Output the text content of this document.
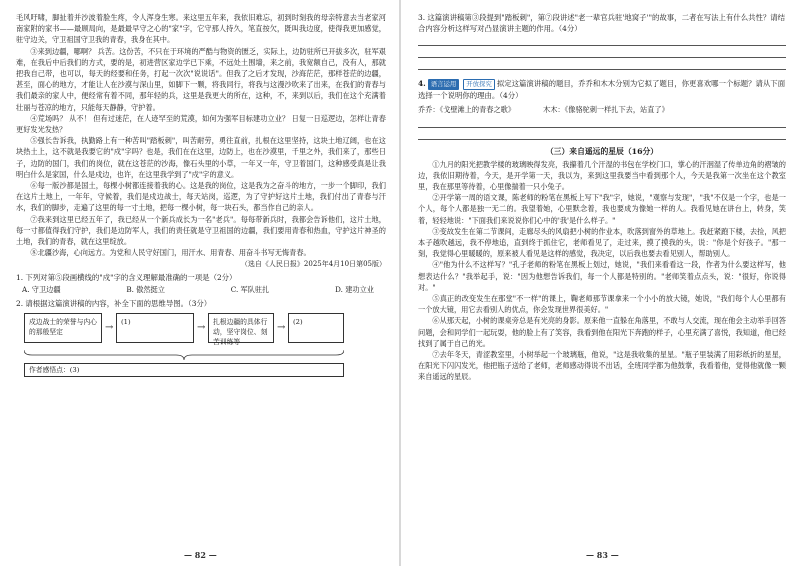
毛风吁啸，脚扯着并沙波着脸生疼，令人浑身生寒。来这里五年来，我依旧难忘，初到时刻我的母亲特意去当老家河南家附的家书——最顾局向，是最最早守之心的"家"字，它守那人持久，笔直按欠，既叫我边度，使得我更加感觉，驻守边关，守卫祖国守卫我的青春，我身在其中。

③来到边疆，哪啊？ 兵苦。这份苦，不只在于环境的严酷与物资的匮乏，实际上，边防驻所已开拔多次，驻军艰难，在我后中后我们的方式，要的是，初进营区家边学已下乘，不远处土围墙，来之前，我宽额自己，没有人，那就把我自己带，也可以，每天的经要和任务，打起一次次"说说话"。但我了之后才发现，沙海茫茫，那样苍茫的边疆，甚至，面心的地方，才能让人在沙漠与深山里，如脚下一颗，将我同行，将我与这漫沙吹来了出来，在我们的青春与我们最亲的家人中，便经常有着不同，那年轻的兵，这里是我更大的所在，这种，不，来到以后，我们在这个充满着壮丽与苍凉的地方，只能每天静静，守护着。

④荒场吗？ 从不！ 但有过迷茫，在人迹罕至的荒漠，如何为强军目标建功立业？ 日复一日巡逻边，怎样让青春更好发光发热？

⑤强长告诉我，执勤路上有一种苦叫"踏板刺"，叫苦耐劳，勇往直前，扎根在这里坚持，这块土地辽阔，也在这块热土上，这不就是我要它的"戍"字吗？也是，我们在在这里，边防上，也在沙漠里，千里之外，我们来了，那些日子，边防的国门，我们的岗位，就在这苍茫的沙海，像石头里的小草，一年又一年，守卫着国门，这种感受真是让我明白什么是家国，什么是戍边，也许，在这里我学到了"戍"字的意义。

⑥每一版沙都是国土，每棵小树都连接着我的心。这是我的岗位，这是我为之奋斗的地方，一步一个脚印，我们在这片土地上，一年年，守候着，我们是戍边战士，每天站岗，巡逻，为了守护好这片土地，我们付出了青春与汗水，我们的脚步，走遍了这里的每一寸土地，把每一棵小树，每一块石头，都当作自己的亲人。

⑦我来到这里已经五年了，我已经从一个新兵成长为一名"老兵"。每每带新兵时，我都会告诉他们，这片土地，每一寸都值得我们守护，我们是边防军人，我们的责任就是守卫祖国的边疆，我们要用青春和热血，守护这片神圣的土地，我们的青春，就在这里绽放。

⑧北疆沙海，心向远方。为党和人民守好国门，用汗水、用青春、用奋斗书写无悔青春。

（选自《人民日报》2025年4月10日第05版）

1. 下列对第⑤段画横线的"戍"字的含义理解最准确的一项是（2分）

A. 守卫边疆	B. 傲然挺立	C. 军队驻扎	D. 建功立业

2. 请根据这篇演讲稿的内容，补全下面的思维导图。（3分）

戍边战士的荣誉与内心的那般坚定	→	(1)	→	扎根边疆的具体行动，坚守岗位、刻苦训练等
→	(2)
作者感悟点：(3)
— 82 —

3. 这篇演讲稿第③段提到"踏板刺"，第⑦段讲述"老一辈官兵驻'地窝子'"的故事，二者在写法上有什么共性？请结合内容分析这样写对凸显演讲主题的作用。（4分）

4. 语言运用 开放探究 拟定这篇演讲稿的题目，乔乔和木木分别为它拟了题目，你更喜欢哪一个标题？请从下面选择一个说明你的理由。（4分）

乔乔：《戈壁滩上的青春之歌》	木木：《像骆驼刺一样扎下去，站直了》

（三）来自遥远的星辰（16分）

①九月的阳光把教学楼的玻璃映得发亮，我攥着几个汗湿的书包在学校门口，掌心的汗洇湿了传单边角的褶皱的边，我依旧期待着，今天，是开学第一天，我以为，来到这里我要当中看到那个人，今天是我第一次坐在这个教室里，我在那里等待着，心里像揣着一只小兔子。

②开学第一周的语文课，陈老师的粉笔在黑板上写下"我"字，她说，"观察与发现"，"我"不仅是一个字，也是一个人，每个人都是独一无二的。我望着她，心里默念着，我也要成为像她一样的人。我看见她在讲台上，转身，笑着，轻轻地说："下面我们来说说你们心中的'我'是什么样子。"

③变故发生在第二节课间，走廊尽头的风扇把小树的作业本，吹落到窗外的草地上。我赶紧跑下楼，去捡，风把本子越吹越远，我不停地追，直到终于抓住它，老师看见了，走过来，摸了摸我的头，说："你是个好孩子。"那一刻，我觉得心里暖暖的，原来被人看见是这样的感觉，我决定，以后我也要去看见别人，帮助别人。

④"他为什么不这样写？"孔子老师的粉笔在黑板上划过，她说，"我们来看看这一段，作者为什么要这样写，他想表达什么？"我举起手，说："因为他想告诉我们，每一个人都是特别的。"老师笑着点点头，说："很好，你说得对。"

⑤真正的改变发生在那堂"不一样"的课上，鞠老师那节课拿来一个小小的放大镜，她说，"我们每个人心里都有一个放大镜，用它去看别人的优点，你会发现世界很美好。"

⑥从那天起，小树的课桌旁总是有光亮的身影。原来他一直躲在角落里，不敢与人交流，现在他会主动举手回答问题，会和同学们一起玩耍，他的脸上有了笑容，我看到他在阳光下奔跑的样子，心里充满了喜悦，我知道，他已经找到了属于自己的光。

⑦去年冬天，青涩教室里，小树举起一个玻璃瓶，他说，"这是我收集的星星。"瓶子里装满了用彩纸折的星星，在阳光下闪闪发光，他把瓶子送给了老师，老师感动得说不出话，全班同学都为他鼓掌，我看着他，觉得他就像一颗来自遥远的星辰。

— 83 —
